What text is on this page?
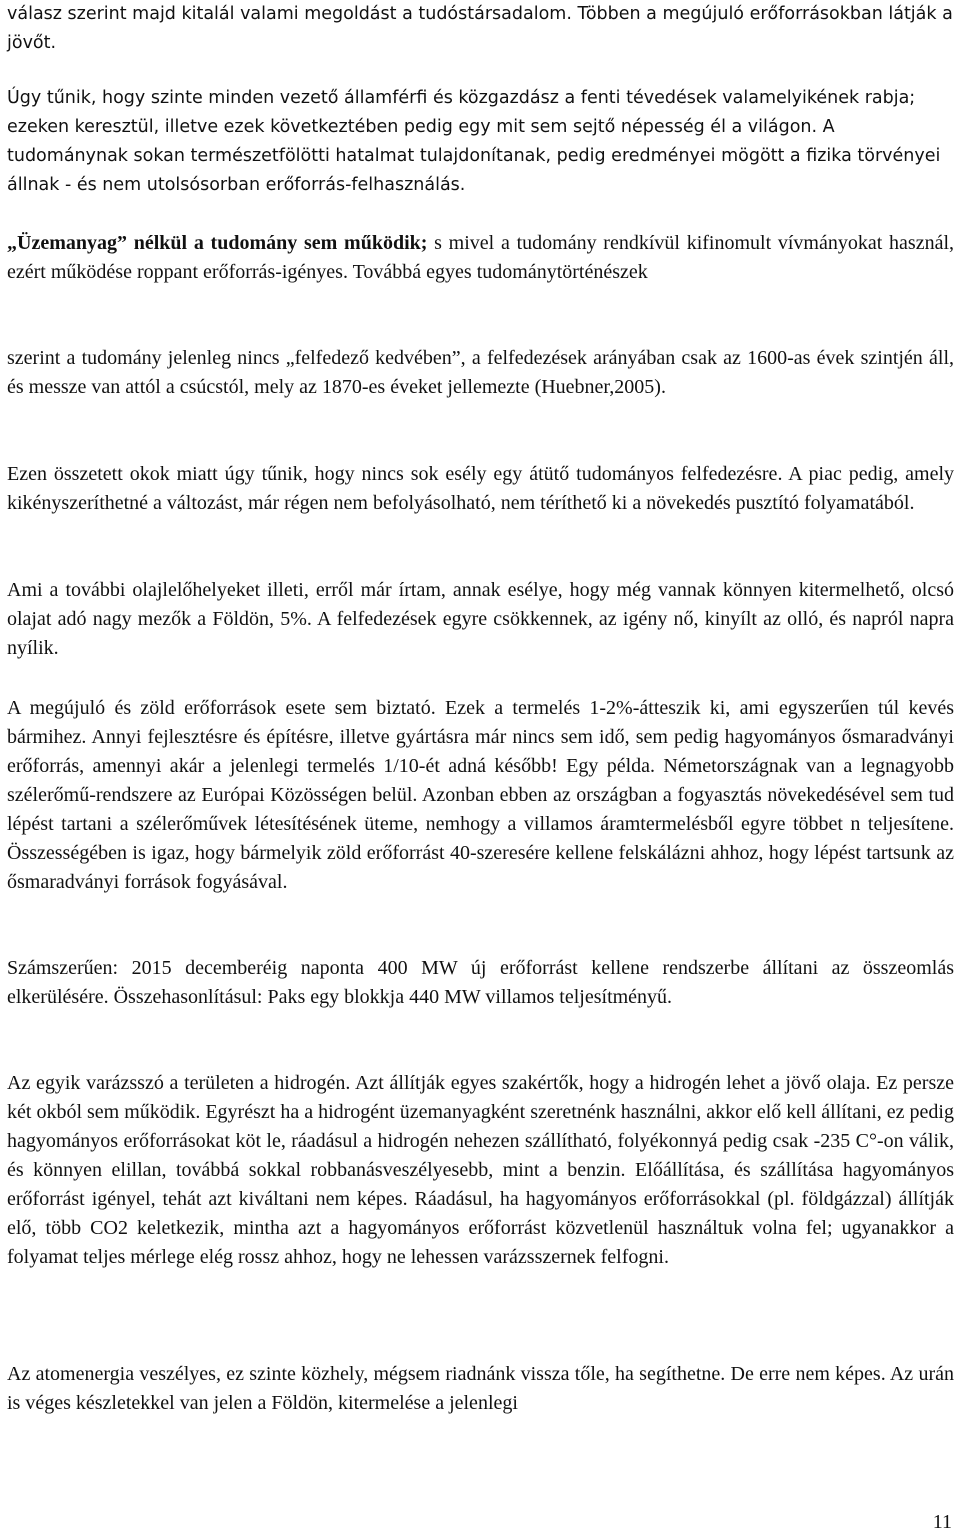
válasz szerint majd kitalál valami megoldást a tudóstársadalom. Többen a megújuló erőforrásokban látják a jövőt.

Úgy tűnik, hogy szinte minden vezető államférfi és közgazdász a fenti tévedések valamelyikének rabja; ezeken keresztül, illetve ezek következtében pedig egy mit sem sejtő népesség él a világon. A tudománynak sokan természetfölötti hatalmat tulajdonítanak, pedig eredményei mögött a fizika törvényei állnak - és nem utolsósorban erőforrás-felhasználás.

„Üzemanyag” nélkül a tudomány sem működik; s mivel a tudomány rendkívül kifinomult vívmányokat használ, ezért működése roppant erőforrás-igényes. Továbbá egyes tudománytörténészek

szerint a tudomány jelenleg nincs „felfedező kedvében”, a felfedezések arányában csak az 1600-as évek szintjén áll, és messze van attól a csúcstól, mely az 1870-es éveket jellemezte (Huebner,2005).

Ezen összetett okok miatt úgy tűnik, hogy nincs sok esély egy átütő tudományos felfedezésre. A piac pedig, amely kikényszeríthetné a változást, már régen nem befolyásolható, nem téríthető ki a növekedés pusztító folyamatából.

Ami a további olajlelőhelyeket illeti, erről már írtam, annak esélye, hogy még vannak könnyen kitermelhető, olcsó olajat adó nagy mezők a Földön, 5%. A felfedezések egyre csökkennek, az igény nő, kinyílt az olló, és napról napra nyílik.

A megújuló és zöld erőforrások esete sem biztató. Ezek a termelés 1-2%-átteszik ki, ami egyszerűen túl kevés bármihez. Annyi fejlesztésre és építésre, illetve gyártásra már nincs sem idő, sem pedig hagyományos ősmaradványi erőforrás, amennyi akár a jelenlegi termelés 1/10-ét adná később! Egy példa. Németországnak van a legnagyobb szélerőmű-rendszere az Európai Közösségen belül. Azonban ebben az országban a fogyasztás növekedésével sem tud lépést tartani a szélerőművek létesítésének üteme, nemhogy a villamos áramtermelésből egyre többet n teljesítene. Összességében is igaz, hogy bármelyik zöld erőforrást 40-szeresére kellene felskálázni ahhoz, hogy lépést tartsunk az ősmaradványi források fogyásával.

Számszerűen: 2015 decemberéig naponta 400 MW új erőforrást kellene rendszerbe állítani az összeomlás elkerülésére. Összehasonlításul: Paks egy blokkja 440 MW villamos teljesítményű.

Az egyik varázsszó a területen a hidrogén. Azt állítják egyes szakértők, hogy a hidrogén lehet a jövő olaja. Ez persze két okból sem működik. Egyrészt ha a hidrogént üzemanyagként szeretnénk használni, akkor elő kell állítani, ez pedig hagyományos erőforrásokat köt le, ráadásul a hidrogén nehezen szállítható, folyékonnyá pedig csak -235 C°-on válik, és könnyen elillan, továbbá sokkal robbanásveszélyesebb, mint a benzin. Előállítása, és szállítása hagyományos erőforrást igényel, tehát azt kiváltani nem képes. Ráadásul, ha hagyományos erőforrásokkal (pl. földgázzal) állítják elő, több CO2 keletkezik, mintha azt a hagyományos erőforrást közvetlenül használtuk volna fel; ugyanakkor a folyamat teljes mérlege elég rossz ahhoz, hogy ne lehessen varázsszernek felfogni.

Az atomenergia veszélyes, ez szinte közhely, mégsem riadnánk vissza tőle, ha segíthetne. De erre nem képes. Az urán is véges készletekkel van jelen a Földön, kitermelése a jelenlegi

11
